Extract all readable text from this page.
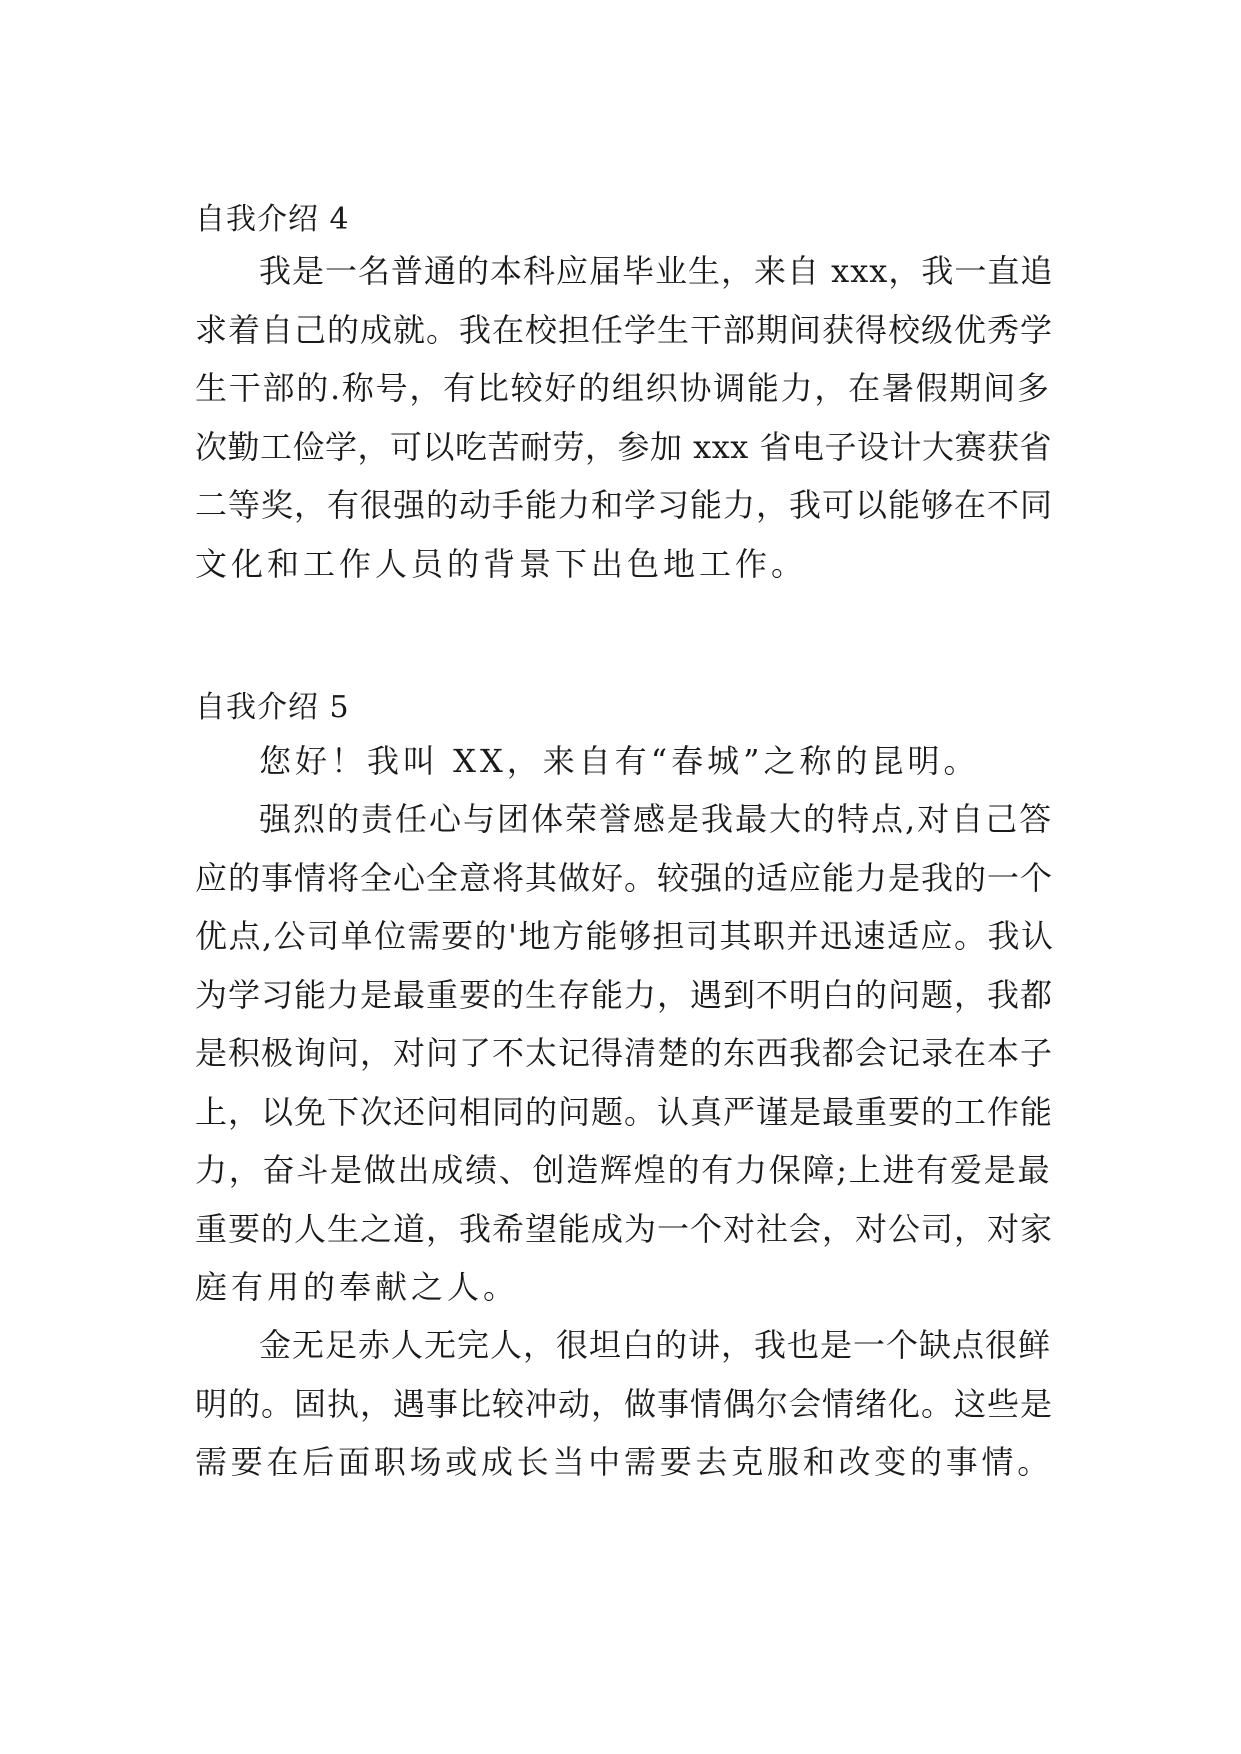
自我介绍 4
我是一名普通的本科应届毕业生，来自 xxx，我一直追
求着自己的成就。我在校担任学生干部期间获得校级优秀学
生干部的.称号，有比较好的组织协调能力，在暑假期间多
次勤工俭学，可以吃苦耐劳，参加 xxx 省电子设计大赛获省
二等奖，有很强的动手能力和学习能力，我可以能够在不同
文化和工作人员的背景下出色地工作。
自我介绍 5
您好！我叫 XX，来自有“春城”之称的昆明。
强烈的责任心与团体荣誉感是我最大的特点,对自己答
应的事情将全心全意将其做好。较强的适应能力是我的一个
优点,公司单位需要的'地方能够担司其职并迅速适应。我认
为学习能力是最重要的生存能力，遇到不明白的问题，我都
是积极询问，对问了不太记得清楚的东西我都会记录在本子
上，以免下次还问相同的问题。认真严谨是最重要的工作能
力，奋斗是做出成绩、创造辉煌的有力保障;上进有爱是最
重要的人生之道，我希望能成为一个对社会，对公司，对家
庭有用的奉献之人。
金无足赤人无完人，很坦白的讲，我也是一个缺点很鲜
明的。固执，遇事比较冲动，做事情偶尔会情绪化。这些是
需要在后面职场或成长当中需要去克服和改变的事情。
